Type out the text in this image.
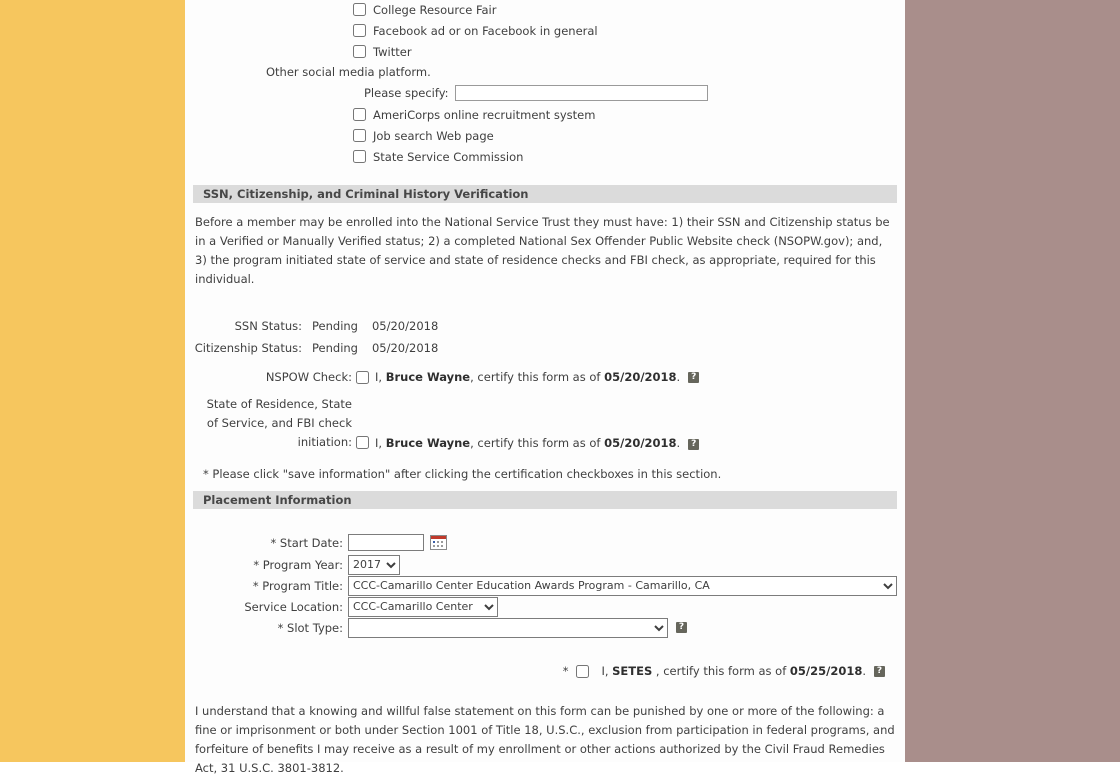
College Resource Fair
Facebook ad or on Facebook in general
Twitter
Other social media platform.
Please specify:
AmeriCorps online recruitment system
Job search Web page
State Service Commission
SSN, Citizenship, and Criminal History Verification
Before a member may be enrolled into the National Service Trust they must have: 1) their SSN and Citizenship status be in a Verified or Manually Verified status; 2) a completed National Sex Offender Public Website check (NSOPW.gov); and, 3) the program initiated state of service and state of residence checks and FBI check, as appropriate, required for this individual.
SSN Status: Pending 05/20/2018
Citizenship Status: Pending 05/20/2018
NSPOW Check: I, Bruce Wayne, certify this form as of 05/20/2018.	?
State of Residence, State
of Service, and FBI check
initiation: I, Bruce Wayne, certify this form as of 05/20/2018.	?
* Please click "save information" after clicking the certification checkboxes in this section.
Placement Information
* Start Date:
* Program Year:
2017
* Program Title:
CCC-Camarillo Center Education Awards Program - Camarillo, CA
Service Location:
CCC-Camarillo Center
* Slot Type:	?
*	I, SETES , certify this form as of 05/25/2018.	?
I understand that a knowing and willful false statement on this form can be punished by one or more of the following: a fine or imprisonment or both under Section 1001 of Title 18, U.S.C., exclusion from participation in federal programs, and forfeiture of benefits I may receive as a result of my enrollment or other actions authorized by the Civil Fraud Remedies Act, 31 U.S.C. 3801-3812.
